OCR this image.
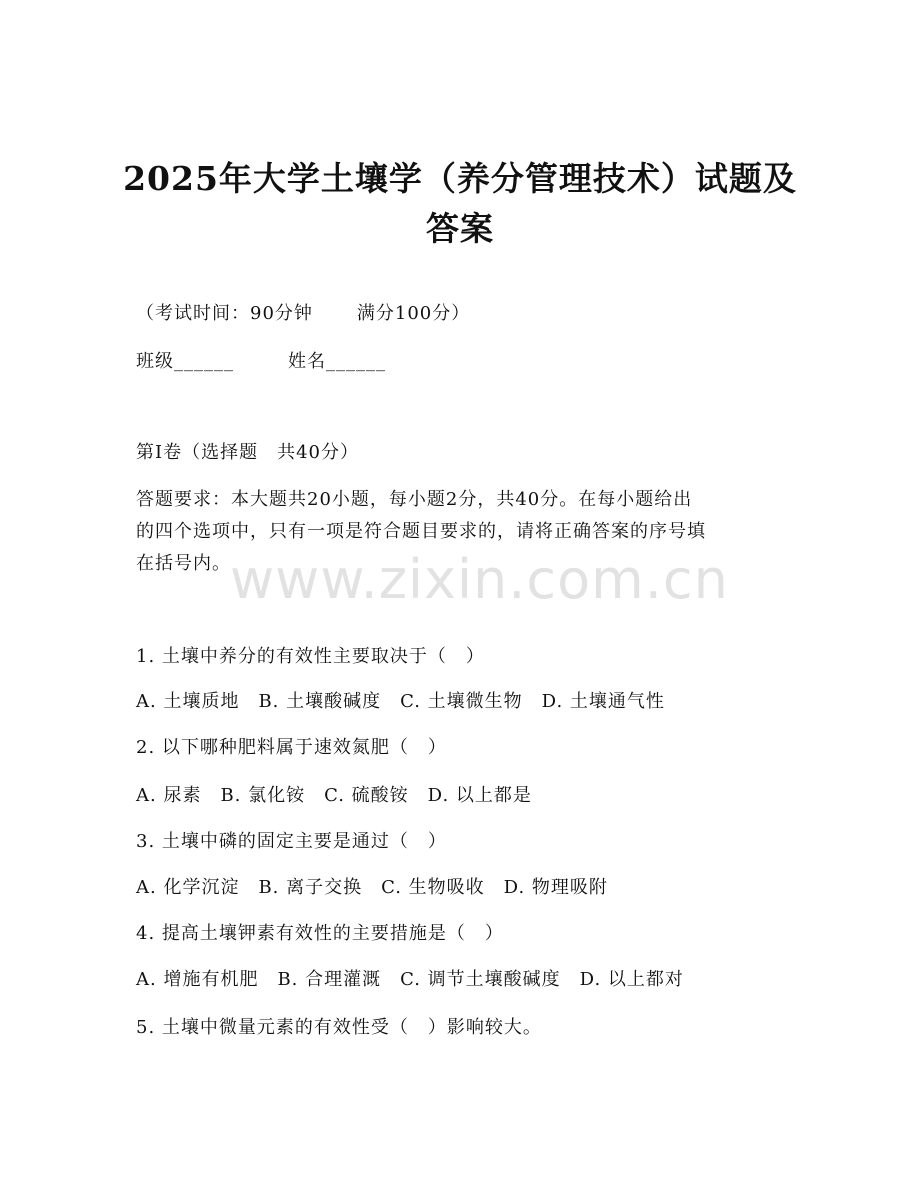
2025年大学土壤学（养分管理技术）试题及
答案
（考试时间：90分钟 满分100分）
班级______	姓名______
第Ⅰ卷（选择题　共40分）
答题要求：本大题共20小题，每小题2分，共40分。在每小题给出
的四个选项中，只有一项是符合题目要求的，请将正确答案的序号填
在括号内。 www.zixin.com.cn
1. 土壤中养分的有效性主要取决于（　）
A. 土壤质地　B. 土壤酸碱度　C. 土壤微生物　D. 土壤通气性
2. 以下哪种肥料属于速效氮肥（　）
A. 尿素　B. 氯化铵　C. 硫酸铵　D. 以上都是
3. 土壤中磷的固定主要是通过（　）
A. 化学沉淀　B. 离子交换　C. 生物吸收　D. 物理吸附
4. 提高土壤钾素有效性的主要措施是（　）
A. 增施有机肥　B. 合理灌溉　C. 调节土壤酸碱度　D. 以上都对
5. 土壤中微量元素的有效性受（　）影响较大。
